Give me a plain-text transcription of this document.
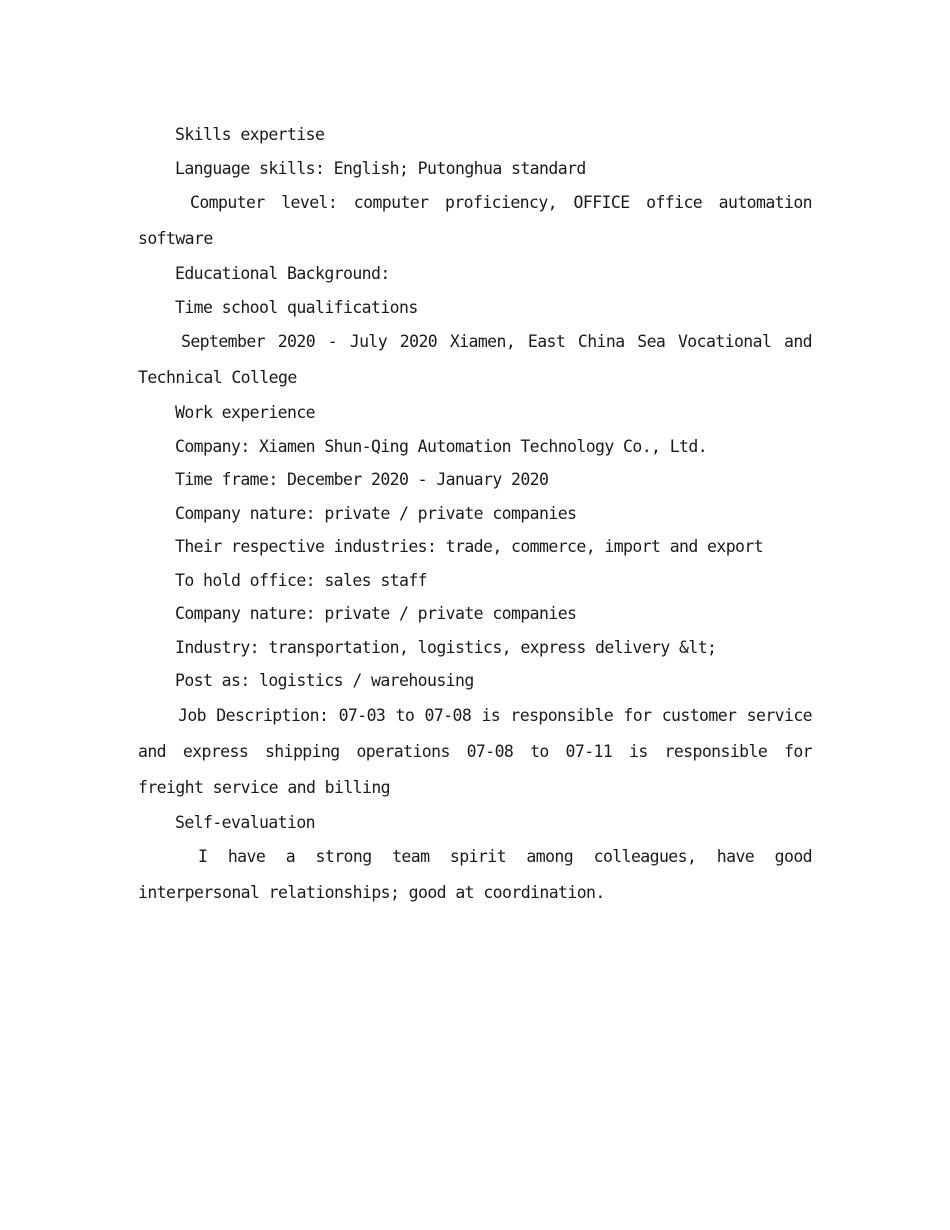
Skills expertise

Language skills: English; Putonghua standard

Computer level: computer proficiency, OFFICE office automation software

Educational Background:

Time school qualifications

September 2020 - July 2020 Xiamen, East China Sea Vocational and Technical College

Work experience

Company: Xiamen Shun-Qing Automation Technology Co., Ltd.

Time frame: December 2020 - January 2020

Company nature: private / private companies

Their respective industries: trade, commerce, import and export

To hold office: sales staff

Company nature: private / private companies

Industry: transportation, logistics, express delivery &lt;

Post as: logistics / warehousing

Job Description: 07-03 to 07-08 is responsible for customer service and express shipping operations 07-08 to 07-11 is responsible for freight service and billing

Self-evaluation

I have a strong team spirit among colleagues, have good interpersonal relationships; good at coordination.
